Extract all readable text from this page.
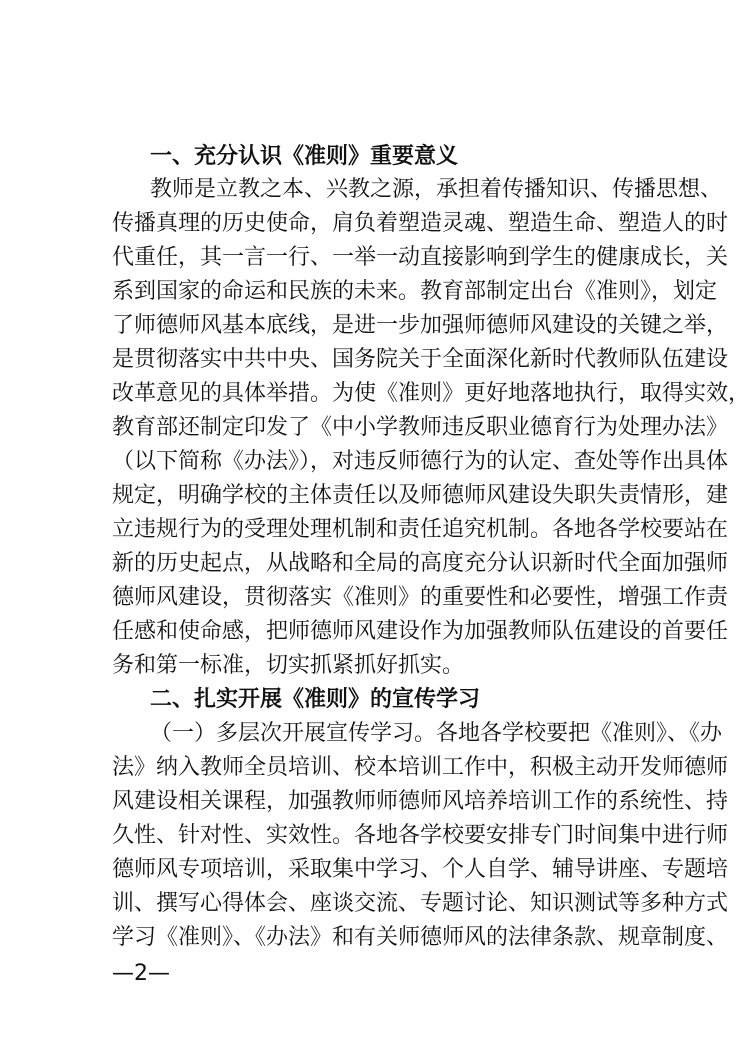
一、充分认识《准则》重要意义
教师是立教之本、兴教之源，承担着传播知识、传播思想、
传播真理的历史使命，肩负着塑造灵魂、塑造生命、塑造人的时
代重任，其一言一行、一举一动直接影响到学生的健康成长，关
系到国家的命运和民族的未来。教育部制定出台《准则》，划定
了师德师风基本底线，是进一步加强师德师风建设的关键之举，
是贯彻落实中共中央、国务院关于全面深化新时代教师队伍建设
改革意见的具体举措。为使《准则》更好地落地执行，取得实效，
教育部还制定印发了《中小学教师违反职业德育行为处理办法》
（以下简称《办法》），对违反师德行为的认定、查处等作出具体
规定，明确学校的主体责任以及师德师风建设失职失责情形，建
立违规行为的受理处理机制和责任追究机制。各地各学校要站在
新的历史起点，从战略和全局的高度充分认识新时代全面加强师
德师风建设，贯彻落实《准则》的重要性和必要性，增强工作责
任感和使命感，把师德师风建设作为加强教师队伍建设的首要任
务和第一标准，切实抓紧抓好抓实。
二、扎实开展《准则》的宣传学习
（一）多层次开展宣传学习。各地各学校要把《准则》、《办
法》纳入教师全员培训、校本培训工作中，积极主动开发师德师
风建设相关课程，加强教师师德师风培养培训工作的系统性、持
久性、针对性、实效性。各地各学校要安排专门时间集中进行师
德师风专项培训，采取集中学习、个人自学、辅导讲座、专题培
训、撰写心得体会、座谈交流、专题讨论、知识测试等多种方式
学习《准则》、《办法》和有关师德师风的法律条款、规章制度、
—2—
